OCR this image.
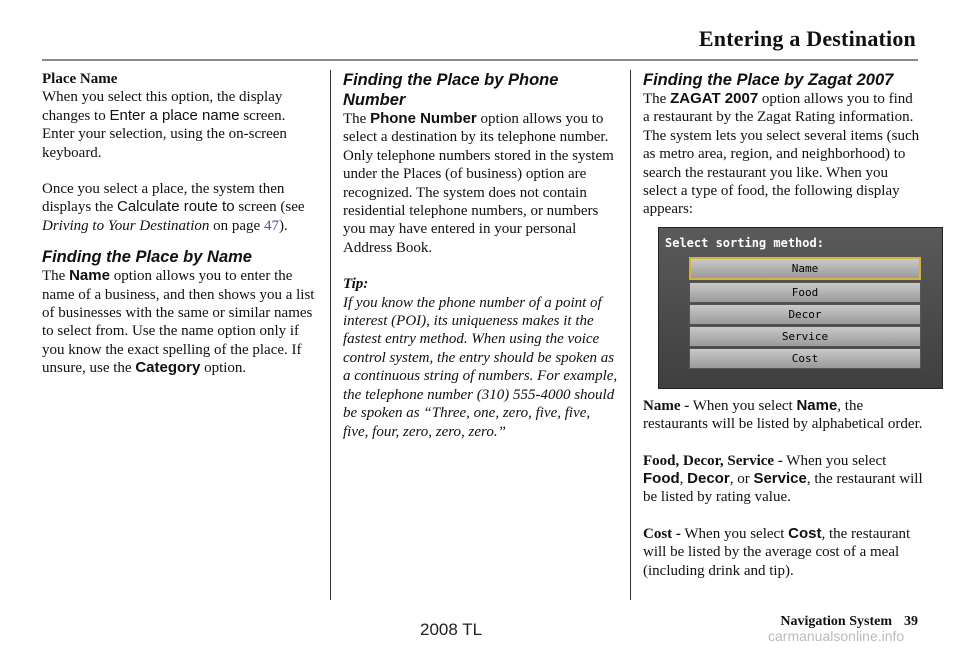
Entering a Destination

Place Name

When you select this option, the display changes to Enter a place name screen. Enter your selection, using the on-screen keyboard.

Once you select a place, the system then displays the Calculate route to screen (see Driving to Your Destination on page 47).

Finding the Place by Name

The Name option allows you to enter the name of a business, and then shows you a list of businesses with the same or similar names to select from. Use the name option only if you know the exact spelling of the place. If unsure, use the Category option.

Finding the Place by Phone Number

The Phone Number option allows you to select a destination by its telephone number. Only telephone numbers stored in the system under the Places (of business) option are recognized. The system does not contain residential telephone numbers, or numbers you may have entered in your personal Address Book.

Tip:

If you know the phone number of a point of interest (POI), its uniqueness makes it the fastest entry method. When using the voice control system, the entry should be spoken as a continuous string of numbers. For example, the telephone number (310) 555-4000 should be spoken as “Three, one, zero, five, five, five, four, zero, zero, zero.”

Finding the Place by Zagat 2007

The ZAGAT 2007 option allows you to find a restaurant by the Zagat Rating information.

The system lets you select several items (such as metro area, region, and neighborhood) to search the restaurant you like. When you select a type of food, the following display appears:

Select sorting method:
Name
Food
Decor
Service
Cost

Name - When you select Name, the restaurants will be listed by alphabetical order.

Food, Decor, Service - When you select Food, Decor, or Service, the restaurant will be listed by rating value.

Cost - When you select Cost, the restaurant will be listed by the average cost of a meal (including drink and tip).

Navigation System 39
2008 TL	carmanualsonline.info
